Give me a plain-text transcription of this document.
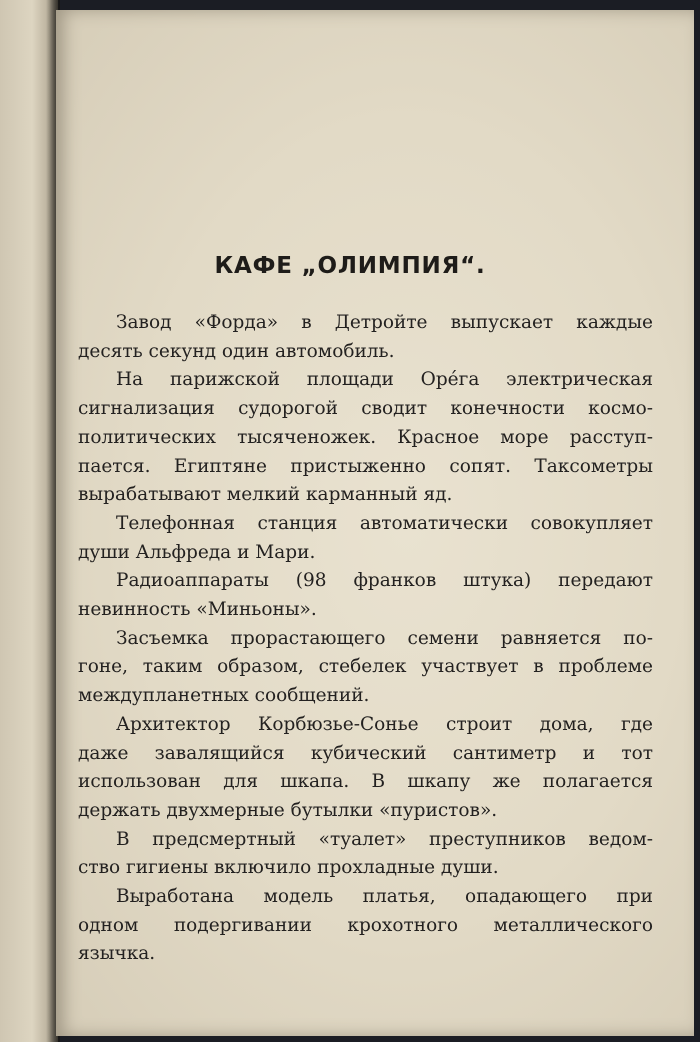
КАФЕ „ОЛИМПИЯ“.
Завод «Форда» в Детройте выпускает каждые
десять секунд один автомобиль.
На парижской площади Орéга электрическая
сигнализация судорогой сводит конечности космо-
политических тысяченожек. Красное море расступ-
пается. Египтяне пристыженно сопят. Таксометры
вырабатывают мелкий карманный яд.
Телефонная станция автоматически совокупляет
души Альфреда и Мари.
Радиоаппараты (98 франков штука) передают
невинность «Миньоны».
Засъемка прорастающего семени равняется по-
гоне, таким образом, стебелек участвует в проблеме
междупланетных сообщений.
Архитектор Корбюзье-Сонье строит дома, где
даже завалящийся кубический сантиметр и тот
использован для шкапа. В шкапу же полагается
держать двухмерные бутылки «пуристов».
В предсмертный «туалет» преступников ведом-
ство гигиены включило прохладные души.
Выработана модель платья, опадающего при
одном подергивании крохотного металлического
язычка.
